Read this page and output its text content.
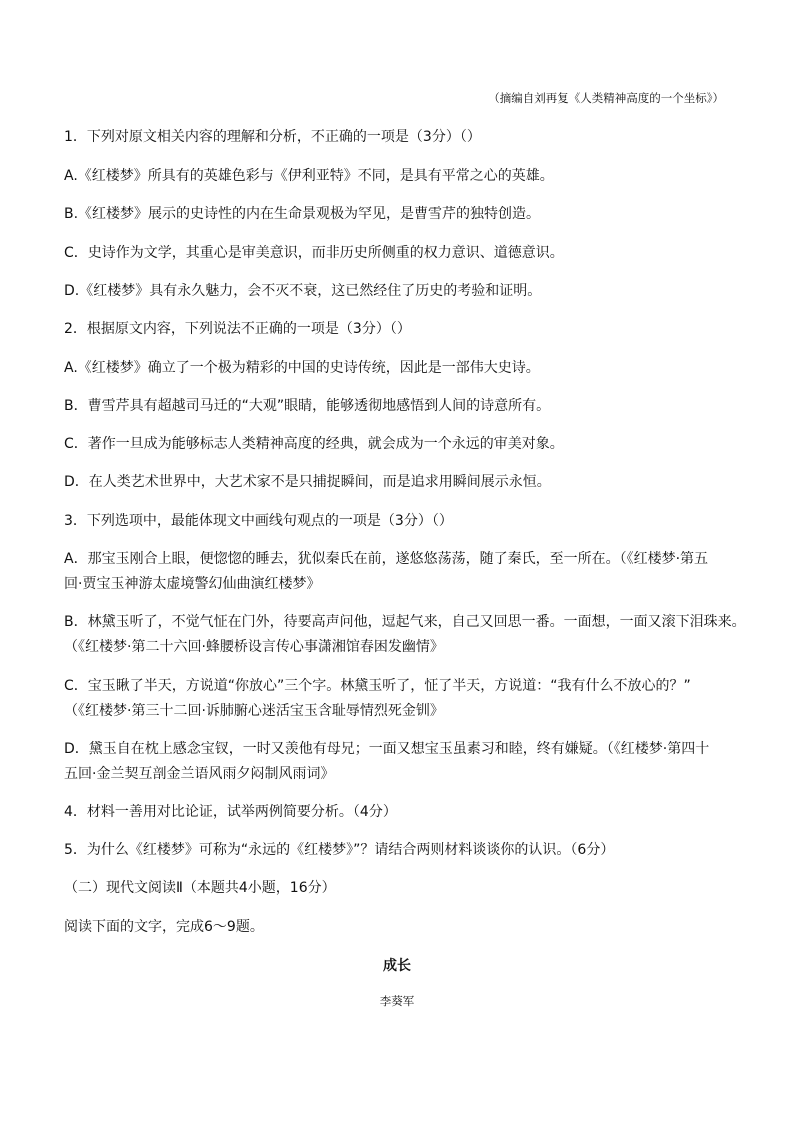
（摘编自刘再复《人类精神高度的一个坐标》）
1．下列对原文相关内容的理解和分析，不正确的一项是（3分）（）
A.《红楼梦》所具有的英雄色彩与《伊利亚特》不同，是具有平常之心的英雄。
B.《红楼梦》展示的史诗性的内在生命景观极为罕见，是曹雪芹的独特创造。
C．史诗作为文学，其重心是审美意识，而非历史所侧重的权力意识、道德意识。
D.《红楼梦》具有永久魅力，会不灭不衰，这已然经住了历史的考验和证明。
2．根据原文内容，下列说法不正确的一项是（3分）（）
A.《红楼梦》确立了一个极为精彩的中国的史诗传统，因此是一部伟大史诗。
B．曹雪芹具有超越司马迁的“大观”眼睛，能够透彻地感悟到人间的诗意所有。
C．著作一旦成为能够标志人类精神高度的经典，就会成为一个永远的审美对象。
D．在人类艺术世界中，大艺术家不是只捕捉瞬间，而是追求用瞬间展示永恒。
3．下列选项中，最能体现文中画线句观点的一项是（3分）（）
A．那宝玉刚合上眼，便惚惚的睡去，犹似秦氏在前，遂悠悠荡荡，随了秦氏，至一所在。（《红楼梦·第五
回·贾宝玉神游太虚境警幻仙曲演红楼梦》
B．林黛玉听了，不觉气怔在门外，待要高声问他，逗起气来，自己又回思一番。一面想，一面又滚下泪珠来。
（《红楼梦·第二十六回·蜂腰桥设言传心事潇湘馆春困发幽情》
C．宝玉瞅了半天，方说道“你放心”三个字。林黛玉听了，怔了半天，方说道：“我有什么不放心的？”
（《红楼梦·第三十二回·诉肺腑心迷活宝玉含耻辱情烈死金钏》
D．黛玉自在枕上感念宝钗，一时又羡他有母兄；一面又想宝玉虽素习和睦，终有嫌疑。（《红楼梦·第四十
五回·金兰契互剖金兰语风雨夕闷制风雨词》
4．材料一善用对比论证，试举两例简要分析。（4分）
5．为什么《红楼梦》可称为“永远的《红楼梦》”？请结合两则材料谈谈你的认识。（6分）
（二）现代文阅读Ⅱ（本题共4小题，16分）
阅读下面的文字，完成6～9题。
成长
李葵军
